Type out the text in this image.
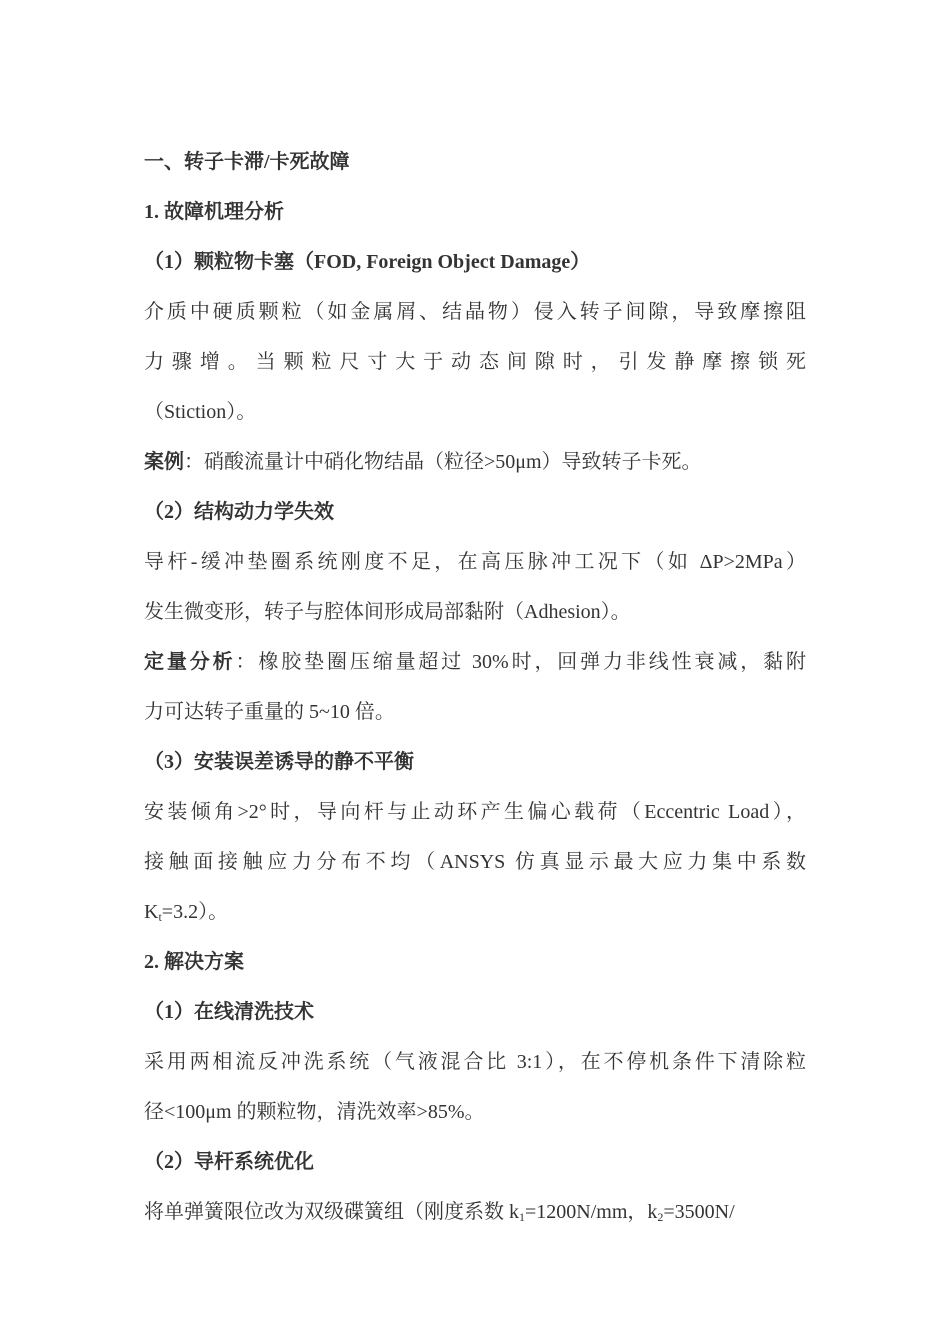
一、转子卡滞/卡死故障

1. 故障机理分析

（1）颗粒物卡塞（FOD, Foreign Object Damage）

介质中硬质颗粒（如金属屑、结晶物）侵入转子间隙，导致摩擦阻

力骤增。当颗粒尺寸大于动态间隙时，引发静摩擦锁死

（Stiction）。

案例：硝酸流量计中硝化物结晶（粒径>50μm）导致转子卡死。

（2）结构动力学失效

导杆-缓冲垫圈系统刚度不足，在高压脉冲工况下（如 ΔP>2MPa）

发生微变形，转子与腔体间形成局部黏附（Adhesion）。

定量分析：橡胶垫圈压缩量超过 30%时，回弹力非线性衰减，黏附

力可达转子重量的 5~10 倍。

（3）安装误差诱导的静不平衡

安装倾角>2°时，导向杆与止动环产生偏心载荷（Eccentric Load），

接触面接触应力分布不均（ANSYS 仿真显示最大应力集中系数

$K_t=3.2$）。

2. 解决方案

（1）在线清洗技术

采用两相流反冲洗系统（气液混合比 3:1），在不停机条件下清除粒

径<100μm 的颗粒物，清洗效率>85%。

（2）导杆系统优化

将单弹簧限位改为双级碟簧组（刚度系数 $k_1=1200N/mm$，$k_2=3500N/$
